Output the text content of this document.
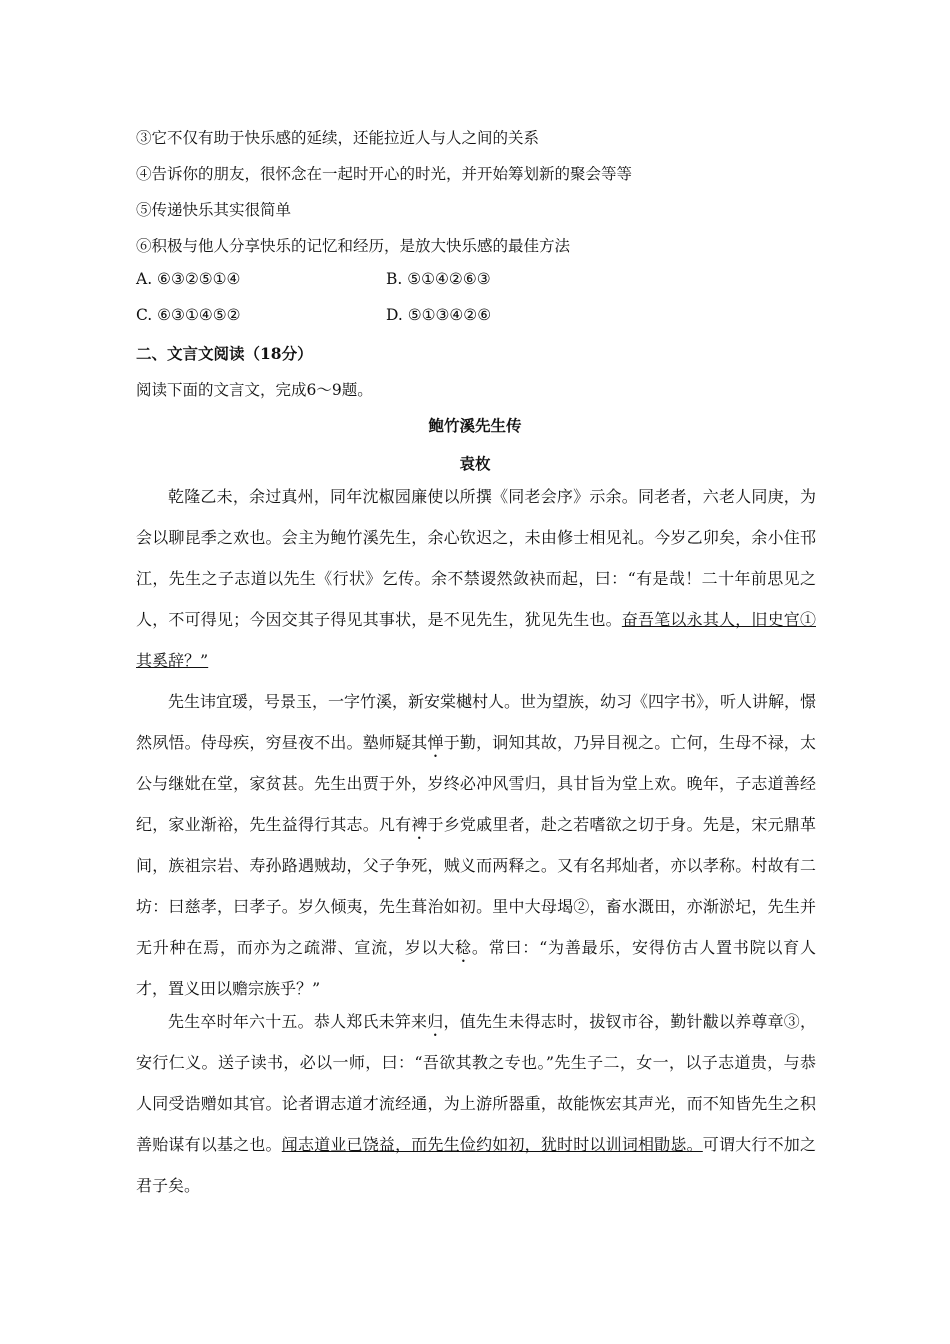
③它不仅有助于快乐感的延续，还能拉近人与人之间的关系
④告诉你的朋友，很怀念在一起时开心的时光，并开始筹划新的聚会等等
⑤传递快乐其实很简单
⑥积极与他人分享快乐的记忆和经历，是放大快乐感的最佳方法
A. ⑥③②⑤①④	B. ⑤①④②⑥③
C. ⑥③①④⑤②	D. ⑤①③④②⑥
二、文言文阅读（18分）
阅读下面的文言文，完成6～9题。
鲍竹溪先生传
袁枚
乾隆乙未，余过真州，同年沈椒园廉使以所撰《同老会序》示余。同老者，六老人同庚，为会以聊昆季之欢也。会主为鲍竹溪先生，余心钦迟之，未由修士相见礼。今岁乙卯矣，余小住邗江，先生之子志道以先生《行状》乞传。余不禁谡然敛袂而起，曰：“有是哉！二十年前思见之人，不可得见；今因交其子得见其事状，是不见先生，犹见先生也。奋吾笔以永其人，旧史官①其奚辞？”
先生讳宜瑗，号景玉，一字竹溪，新安棠樾村人。世为望族，幼习《四字书》，听人讲解，憬然夙悟。侍母疾，穷昼夜不出。塾师疑其惮于勤，诇知其故，乃异目视之。亡何，生母不禄，太公与继妣在堂，家贫甚。先生出贾于外，岁终必冲风雪归，具甘旨为堂上欢。晚年，子志道善经纪，家业渐裕，先生益得行其志。凡有裨于乡党戚里者，赴之若嗜欲之切于身。先是，宋元鼎革间，族祖宗岩、寿孙路遇贼劫，父子争死，贼义而两释之。又有名邦灿者，亦以孝称。村故有二坊：曰慈孝，曰孝子。岁久倾夷，先生葺治如初。里中大母堨②，畜水溉田，亦渐淤圮，先生并无升种在焉，而亦为之疏滞、宣流，岁以大稔。常曰：“为善最乐，安得仿古人置书院以育人才，置义田以赡宗族乎？”
先生卒时年六十五。恭人郑氏未笄来归，值先生未得志时，拔钗市谷，勤针黻以养尊章③，安行仁义。送子读书，必以一师，曰：“吾欲其教之专也。”先生子二，女一，以子志道贵，与恭人同受诰赠如其官。论者谓志道才流经通，为上游所器重，故能恢宏其声光，而不知皆先生之积善贻谋有以基之也。闻志道业已饶益，而先生俭约如初，犹时时以训词相勖毖。可谓大行不加之君子矣。
